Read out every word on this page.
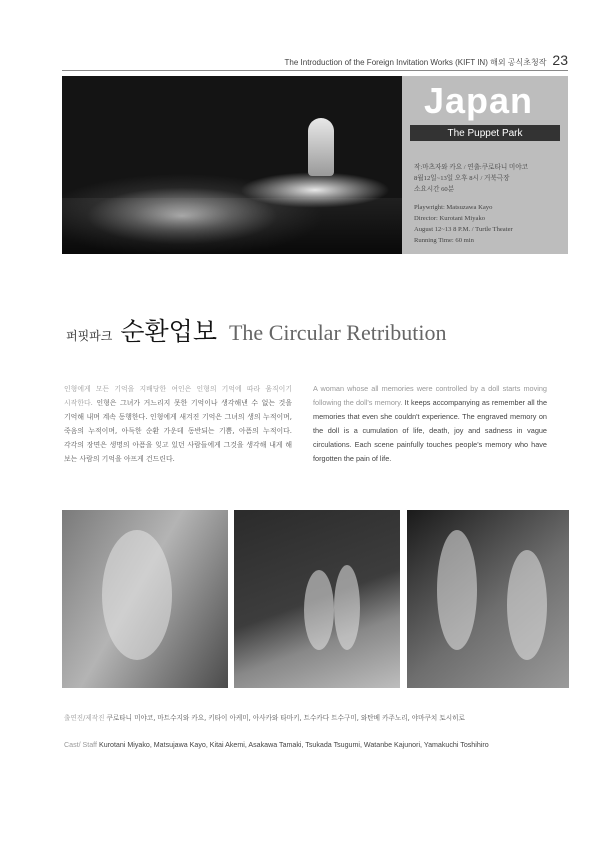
The Introduction of the Foreign Invitation Works (KIFT IN) 해외 공식초청작 23
Japan
The Puppet Park
작:마츠자와 카요 / 연출:쿠로타니 미야코
8월12일~13일 오후 8시 / 거북극장
소요시간 60분
Playwright: Matsuzawa Kayo
Director: Kurotani Miyako
August 12~13 8 P.M. / Turtle Theater
Running Time: 60 min
퍼핏파크 순환업보 The Circular Retribution
인형에게 모든 기억을 지배당한 여인은 인형의 기억에 따라 움직이기 시작한다. 인형은 그녀가 거느리지 못한 기억이나 생각해낸 수 없는 것을 기억해 내며 계속 동행한다. 인형에게 새겨진 기억은 그녀의 생의 누적이며, 죽음의 누적이며, 아득한 순환 가운데 동반되는 기쁨, 아픔의 누적이다. 각각의 장면은 생명의 아픔을 잊고 있던 사람들에게 그것을 생각해 내게 해 보는 사람의 기억을 아프게 건드린다.
A woman whose all memories were controlled by a doll starts moving following the doll's memory. It keeps accompanying as remember all the memories that even she couldn't experience. The engraved memory on the doll is a cumulation of life, death, joy and sadness in vague circulations. Each scene painfully touches people's memory who have forgotten the pain of life.
출연진/제작진 쿠로타니 미야코, 마트수지와 카요, 키타이 아케미, 아사카와 타마키, 트수카다 트수구미, 와탄베 카주노리, 야마쿠치 토시히로
Cast/ Staff Kurotani Miyako, Matsujawa Kayo, Kitai Akemi, Asakawa Tamaki, Tsukada Tsugumi, Watanbe Kajunori, Yamakuchi Toshihiro
